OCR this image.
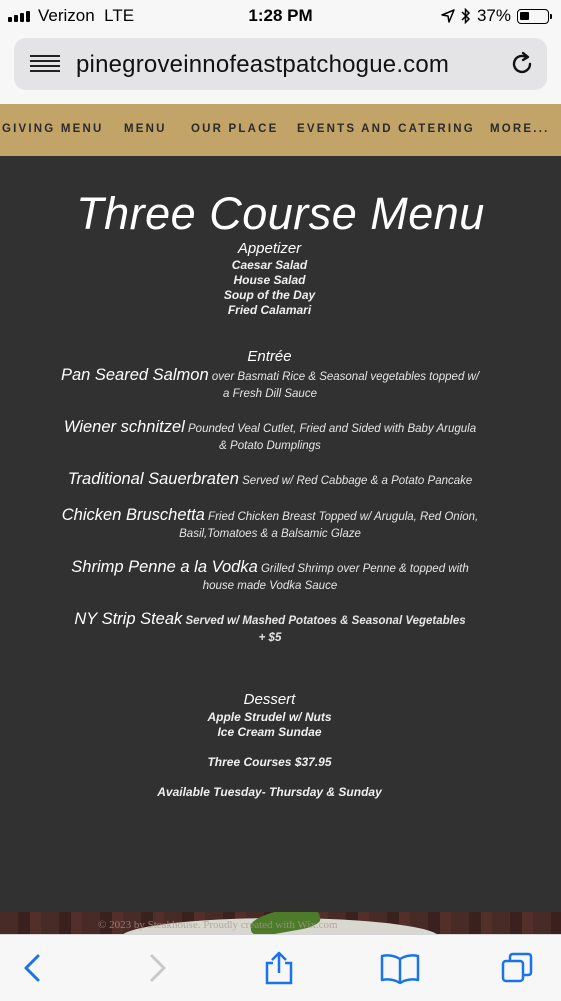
Verizon LTE	1:28 PM	37%
pinegroveinnofeastpatchogue.com
GIVING MENU MENU OUR PLACE EVENTS AND CATERING MORE...
Three Course Menu
Appetizer
Caesar Salad
House Salad
Soup of the Day
Fried Calamari
Entrée
Pan Seared Salmon over Basmati Rice & Seasonal vegetables topped w/
a Fresh Dill Sauce
Wiener schnitzel Pounded Veal Cutlet, Fried and Sided with Baby Arugula
& Potato Dumplings
Traditional Sauerbraten Served w/ Red Cabbage & a Potato Pancake
Chicken Bruschetta Fried Chicken Breast Topped w/ Arugula, Red Onion,
Basil,Tomatoes & a Balsamic Glaze
Shrimp Penne a la Vodka Grilled Shrimp over Penne & topped with
house made Vodka Sauce
NY Strip Steak Served w/ Mashed Potatoes & Seasonal Vegetables
+ $5
Dessert
Apple Strudel w/ Nuts
Ice Cream Sundae
Three Courses $37.95
Available Tuesday- Thursday & Sunday
© 2023 by Steakhouse. Proudly created with Wix.com
